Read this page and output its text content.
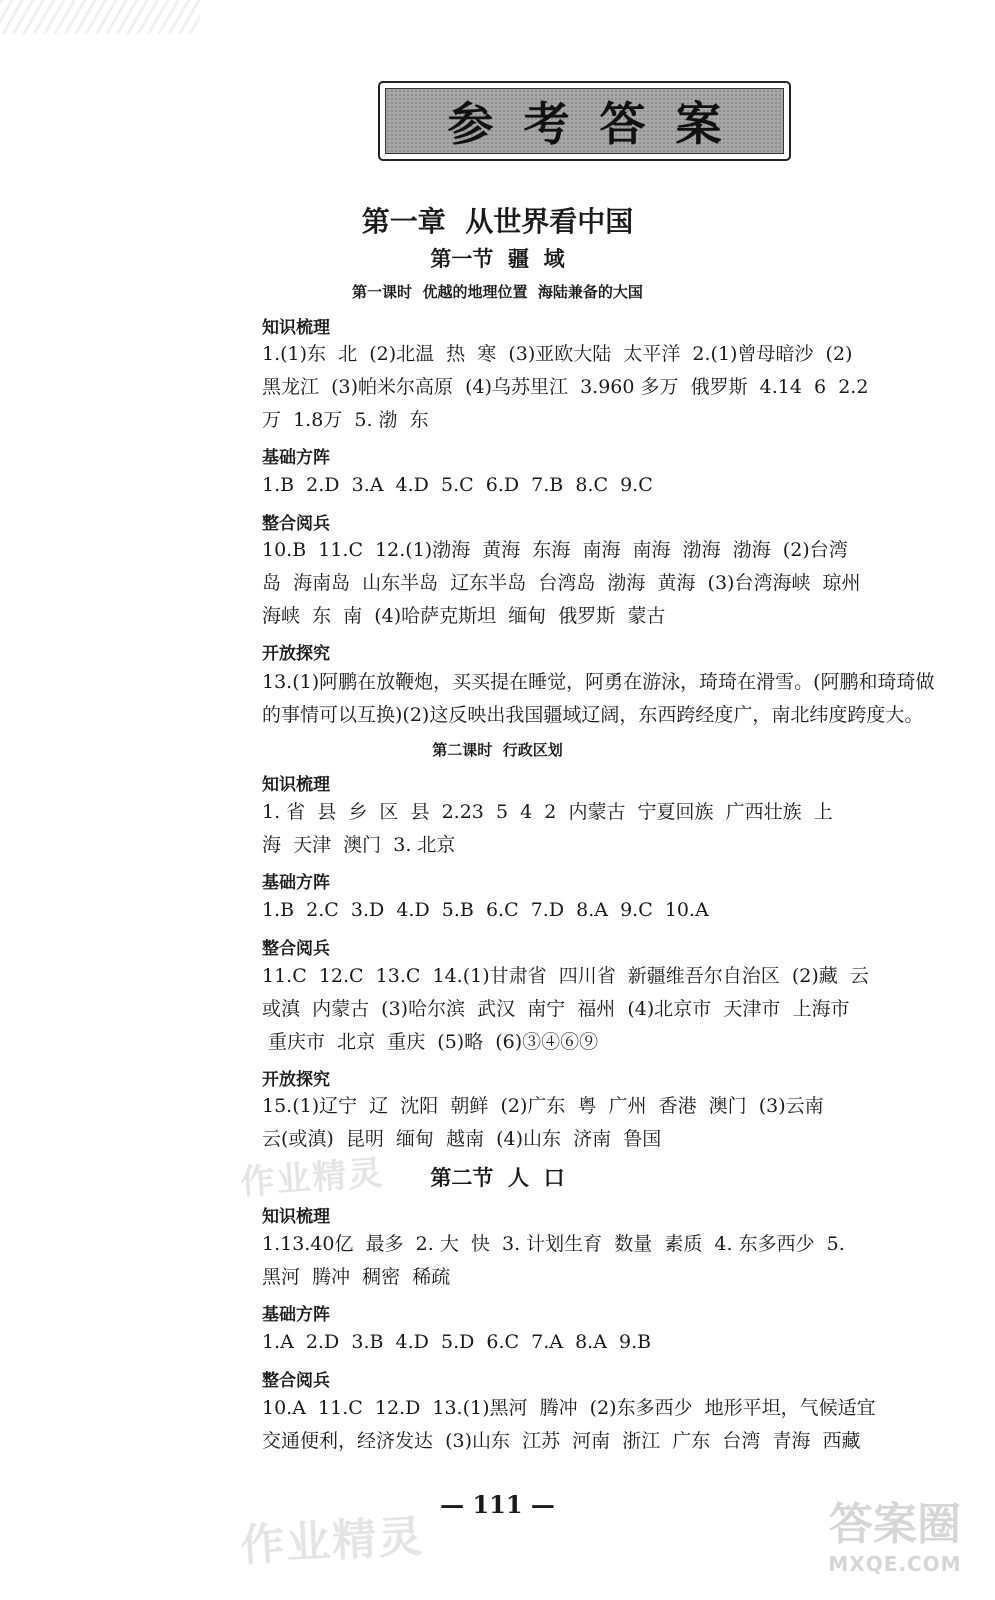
参考答案
第一章  从世界看中国
第一节  疆  域
第一课时  优越的地理位置  海陆兼备的大国
知识梳理
1.(1)东  北  (2)北温  热  寒  (3)亚欧大陆  太平洋  2.(1)曾母暗沙  (2)
黑龙江  (3)帕米尔高原  (4)乌苏里江  3.960 多万  俄罗斯  4.14  6  2.2
万  1.8万  5. 渤  东
基础方阵
1.B  2.D  3.A  4.D  5.C  6.D  7.B  8.C  9.C
整合阅兵
10.B  11.C  12.(1)渤海  黄海  东海  南海  南海  渤海  渤海  (2)台湾
岛  海南岛  山东半岛  辽东半岛  台湾岛  渤海  黄海  (3)台湾海峡  琼州
海峡  东  南  (4)哈萨克斯坦  缅甸  俄罗斯  蒙古
开放探究
13.(1)阿鹏在放鞭炮，买买提在睡觉，阿勇在游泳，琦琦在滑雪。(阿鹏和琦琦做
的事情可以互换)(2)这反映出我国疆域辽阔，东西跨经度广，南北纬度跨度大。
第二课时  行政区划
知识梳理
1. 省  县  乡  区  县  2.23  5  4  2  内蒙古  宁夏回族  广西壮族  上
海  天津  澳门  3. 北京
基础方阵
1.B  2.C  3.D  4.D  5.B  6.C  7.D  8.A  9.C  10.A
整合阅兵
11.C  12.C  13.C  14.(1)甘肃省  四川省  新疆维吾尔自治区  (2)藏  云
或滇  内蒙古  (3)哈尔滨  武汉  南宁  福州  (4)北京市  天津市  上海市
重庆市  北京  重庆  (5)略  (6)③④⑥⑨
开放探究
15.(1)辽宁  辽  沈阳  朝鲜  (2)广东  粤  广州  香港  澳门  (3)云南
云(或滇)  昆明  缅甸  越南  (4)山东  济南  鲁国
第二节  人  口
知识梳理
1.13.40亿  最多  2. 大  快  3. 计划生育  数量  素质  4. 东多西少  5.
黑河  腾冲  稠密  稀疏
基础方阵
1.A  2.D  3.B  4.D  5.D  6.C  7.A  8.A  9.B
整合阅兵
10.A  11.C  12.D  13.(1)黑河  腾冲  (2)东多西少  地形平坦，气候适宜
交通便利，经济发达  (3)山东  江苏  河南  浙江  广东  台湾  青海  西藏
— 111 —
作业精灵
作业精灵	答案圈
MXQE.COM
